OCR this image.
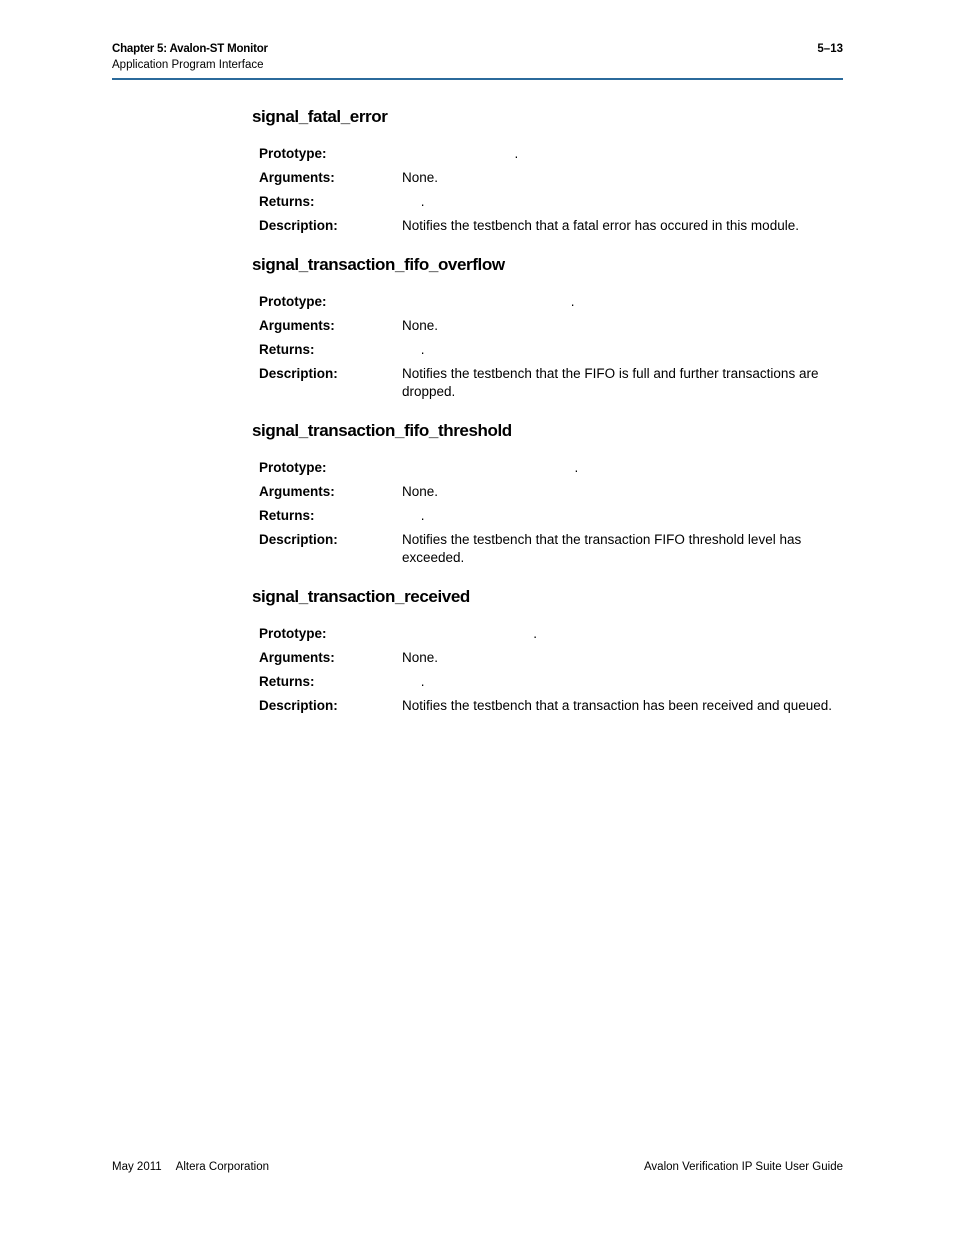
Chapter 5: Avalon-ST Monitor
Application Program Interface
5–13
signal_fatal_error
Prototype:	.
Arguments:	None.
Returns:	.
Description:	Notifies the testbench that a fatal error has occured in this module.
signal_transaction_fifo_overflow
Prototype:	.
Arguments:	None.
Returns:	.
Description:	Notifies the testbench that the FIFO is full and further transactions are dropped.
signal_transaction_fifo_threshold
Prototype:	.
Arguments:	None.
Returns:	.
Description:	Notifies the testbench that the transaction FIFO threshold level has exceeded.
signal_transaction_received
Prototype:	.
Arguments:	None.
Returns:	.
Description:	Notifies the testbench that a transaction has been received and queued.
May 2011 Altera Corporation	Avalon Verification IP Suite User Guide
